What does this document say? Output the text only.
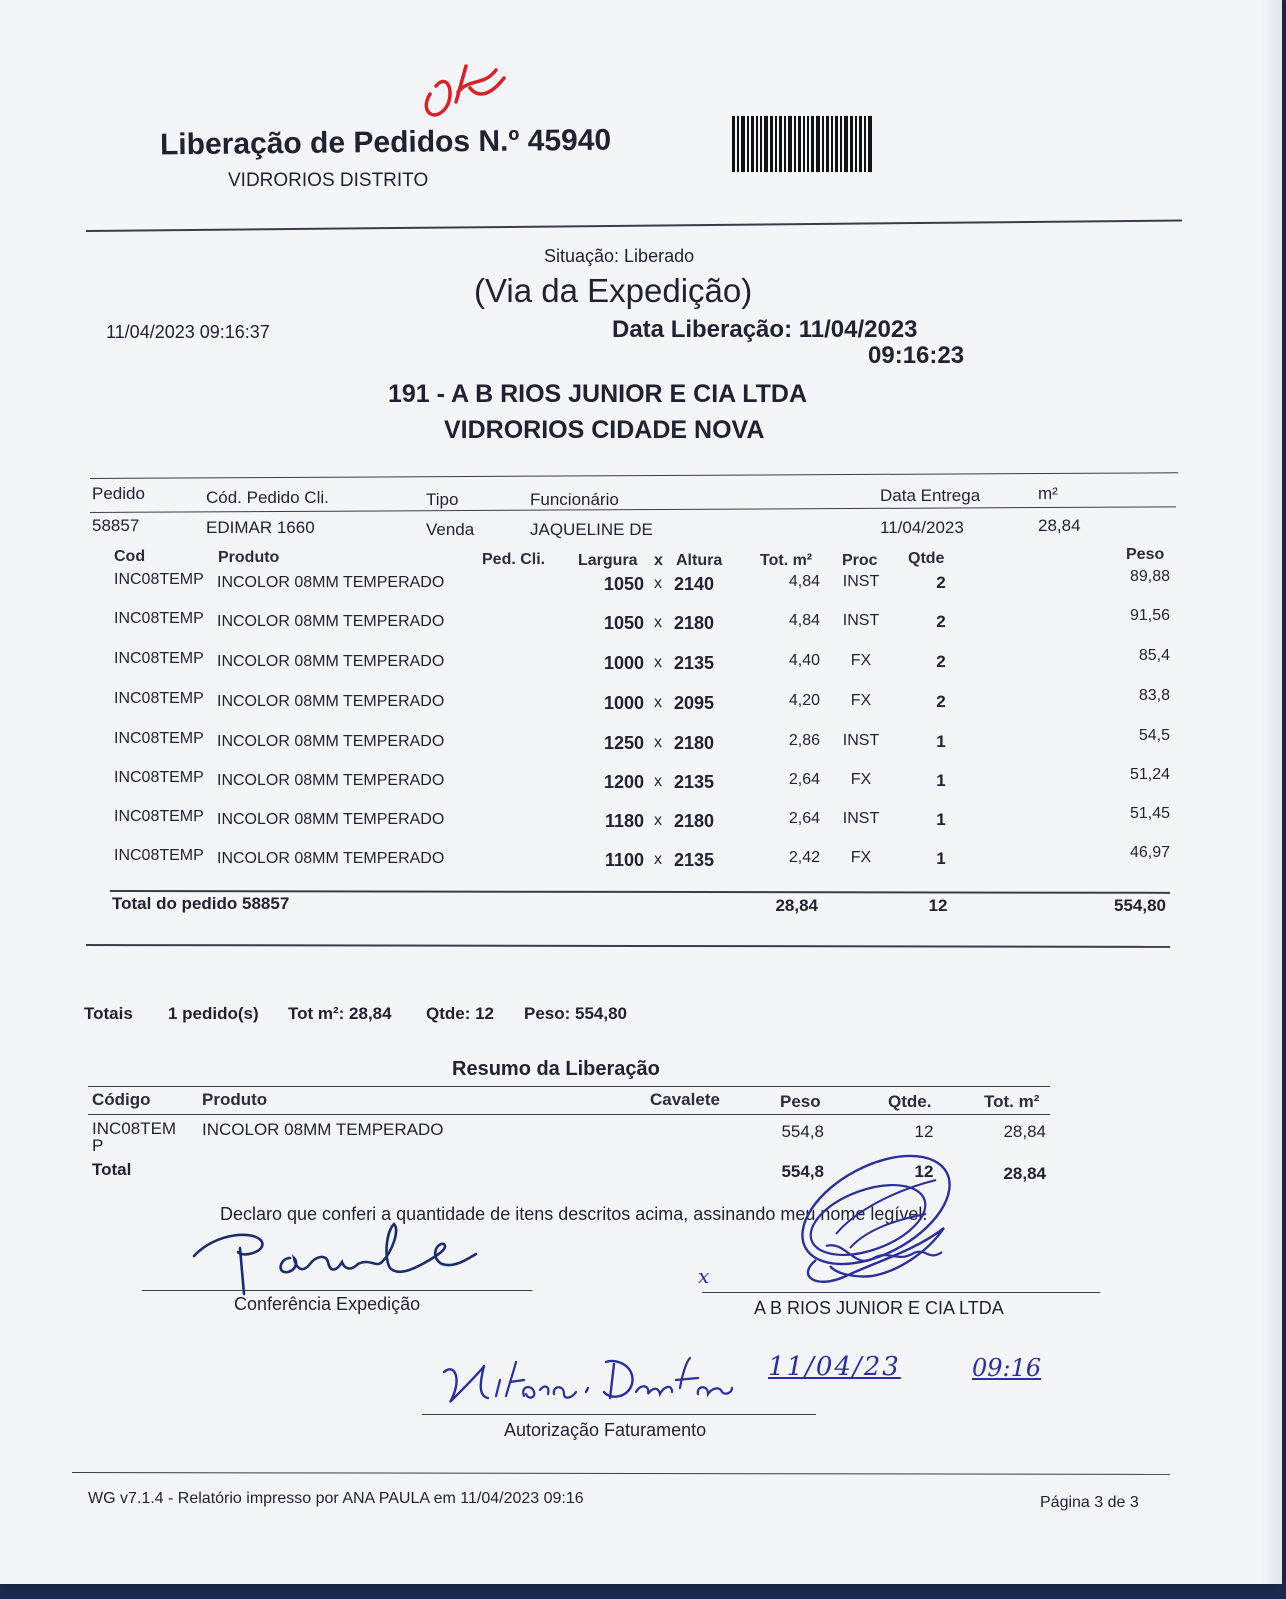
Liberação de Pedidos N.º 45940
VIDRORIOS DISTRITO
Situação: Liberado
(Via da Expedição)
11/04/2023 09:16:37	Data Liberação: 11/04/2023
09:16:23
191 - A B RIOS JUNIOR E CIA LTDA
VIDRORIOS CIDADE NOVA
Pedido	Cód. Pedido Cli.	Tipo	Funcionário	Data Entrega	m²
58857	EDIMAR 1660	Venda	JAQUELINE DE	11/04/2023	28,84
Cod	Produto	Ped. Cli. Largura x Altura Tot. m² Proc Qtde	Peso
INC08TEMP INCOLOR 08MM TEMPERADO	1050 x 2140	4,84	INST	2	89,88
INC08TEMP INCOLOR 08MM TEMPERADO	1050 x 2180	4,84	INST	2	91,56
INC08TEMP INCOLOR 08MM TEMPERADO	1000 x 2135	4,40	FX	2	85,4
INC08TEMP INCOLOR 08MM TEMPERADO	1000 x 2095	4,20	FX	2	83,8
INC08TEMP INCOLOR 08MM TEMPERADO	1250 x 2180	2,86	INST	1	54,5
INC08TEMP INCOLOR 08MM TEMPERADO	1200 x 2135	2,64	FX	1	51,24
INC08TEMP INCOLOR 08MM TEMPERADO	1180 x 2180	2,64	INST	1	51,45
INC08TEMP INCOLOR 08MM TEMPERADO	1100 x 2135	2,42	FX	1	46,97
Total do pedido 58857	28,84	12	554,80
Totais 1 pedido(s) Tot m²: 28,84 Qtde: 12 Peso: 554,80
Resumo da Liberação
Código	Produto	Cavalete	Peso	Qtde.	Tot. m²
INC08TEMP
INCOLOR 08MM TEMPERADO	554,8	12	28,84
Total	554,8	12	28,84
Declaro que conferi a quantidade de itens descritos acima, assinando meu nome legível.
Conferência Expedição
x
A B RIOS JUNIOR E CIA LTDA
11/04/23	09:16
Autorização Faturamento
WG v7.1.4 - Relatório impresso por ANA PAULA em 11/04/2023 09:16	Página 3 de 3
